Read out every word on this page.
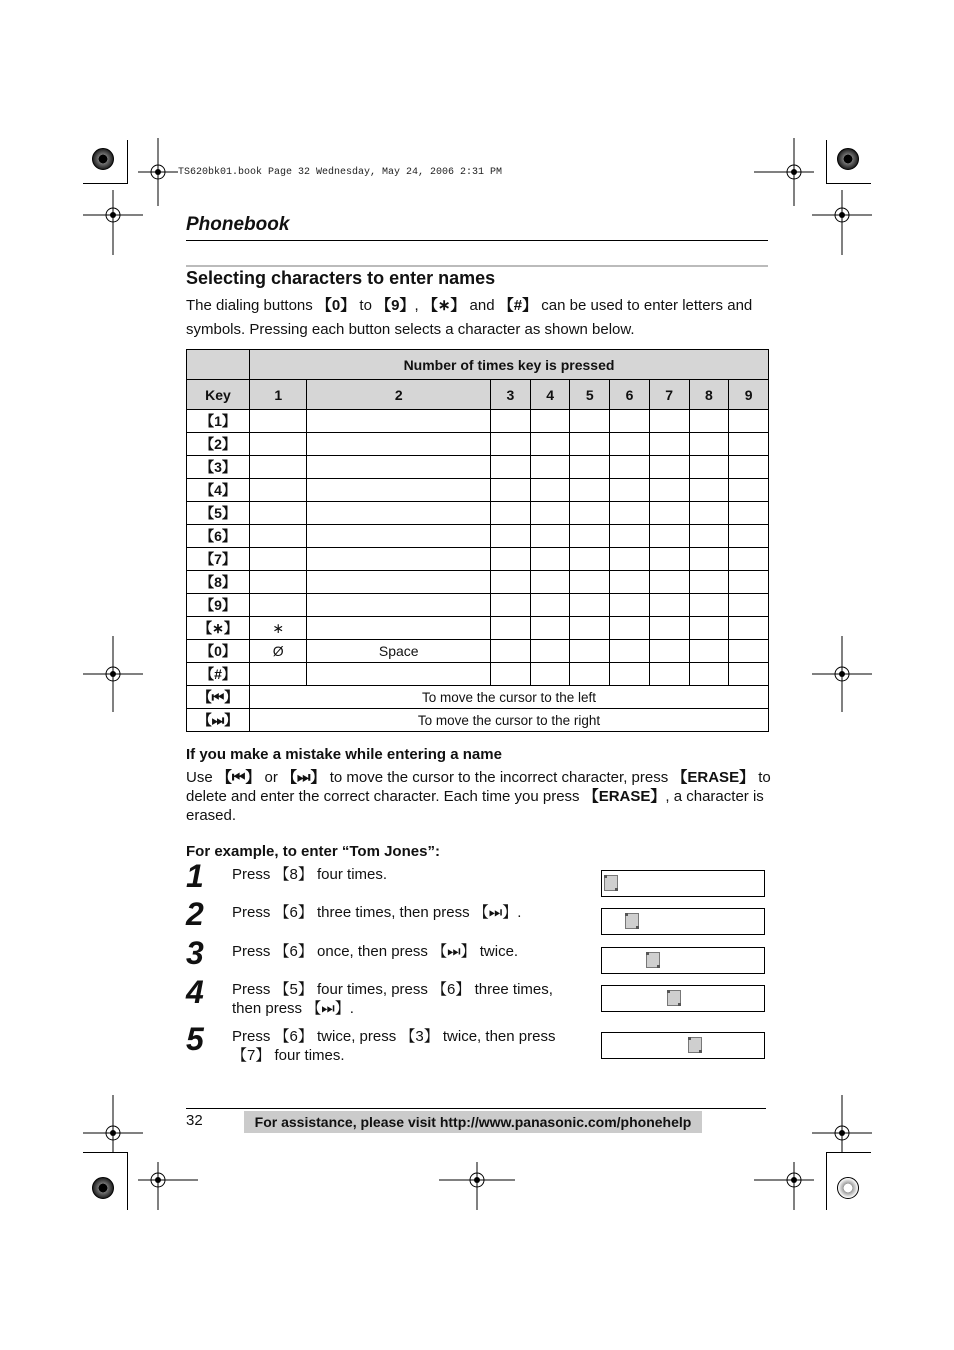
TS620bk01.book Page 32 Wednesday, May 24, 2006 2:31 PM
Phonebook
Selecting characters to enter names
The dialing buttons 【0】 to 【9】, 【∗】 and 【#】 can be used to enter letters and symbols. Pressing each button selects a character as shown below.
	Number of times key is pressed								
Key	1	2	3	4	5	6	7	8	9
【1】									
【2】									
【3】									
【4】									
【5】									
【6】									
【7】									
【8】									
【9】									
【∗】	∗								
【0】	Ø	Space							
【#】									
【⏮】	To move the cursor to the left								
【⏭】	To move the cursor to the right								
If you make a mistake while entering a name
Use 【⏮】 or 【⏭】 to move the cursor to the incorrect character, press 【ERASE】 to delete and enter the correct character. Each time you press 【ERASE】, a character is erased.
For example, to enter “Tom Jones”:
1 Press 【8】 four times.
2 Press 【6】 three times, then press 【⏭】.
3 Press 【6】 once, then press 【⏭】 twice.
4 Press 【5】 four times, press 【6】 three times, then press 【⏭】.
5 Press 【6】 twice, press 【3】 twice, then press 【7】 four times.
32	For assistance, please visit http://www.panasonic.com/phonehelp
